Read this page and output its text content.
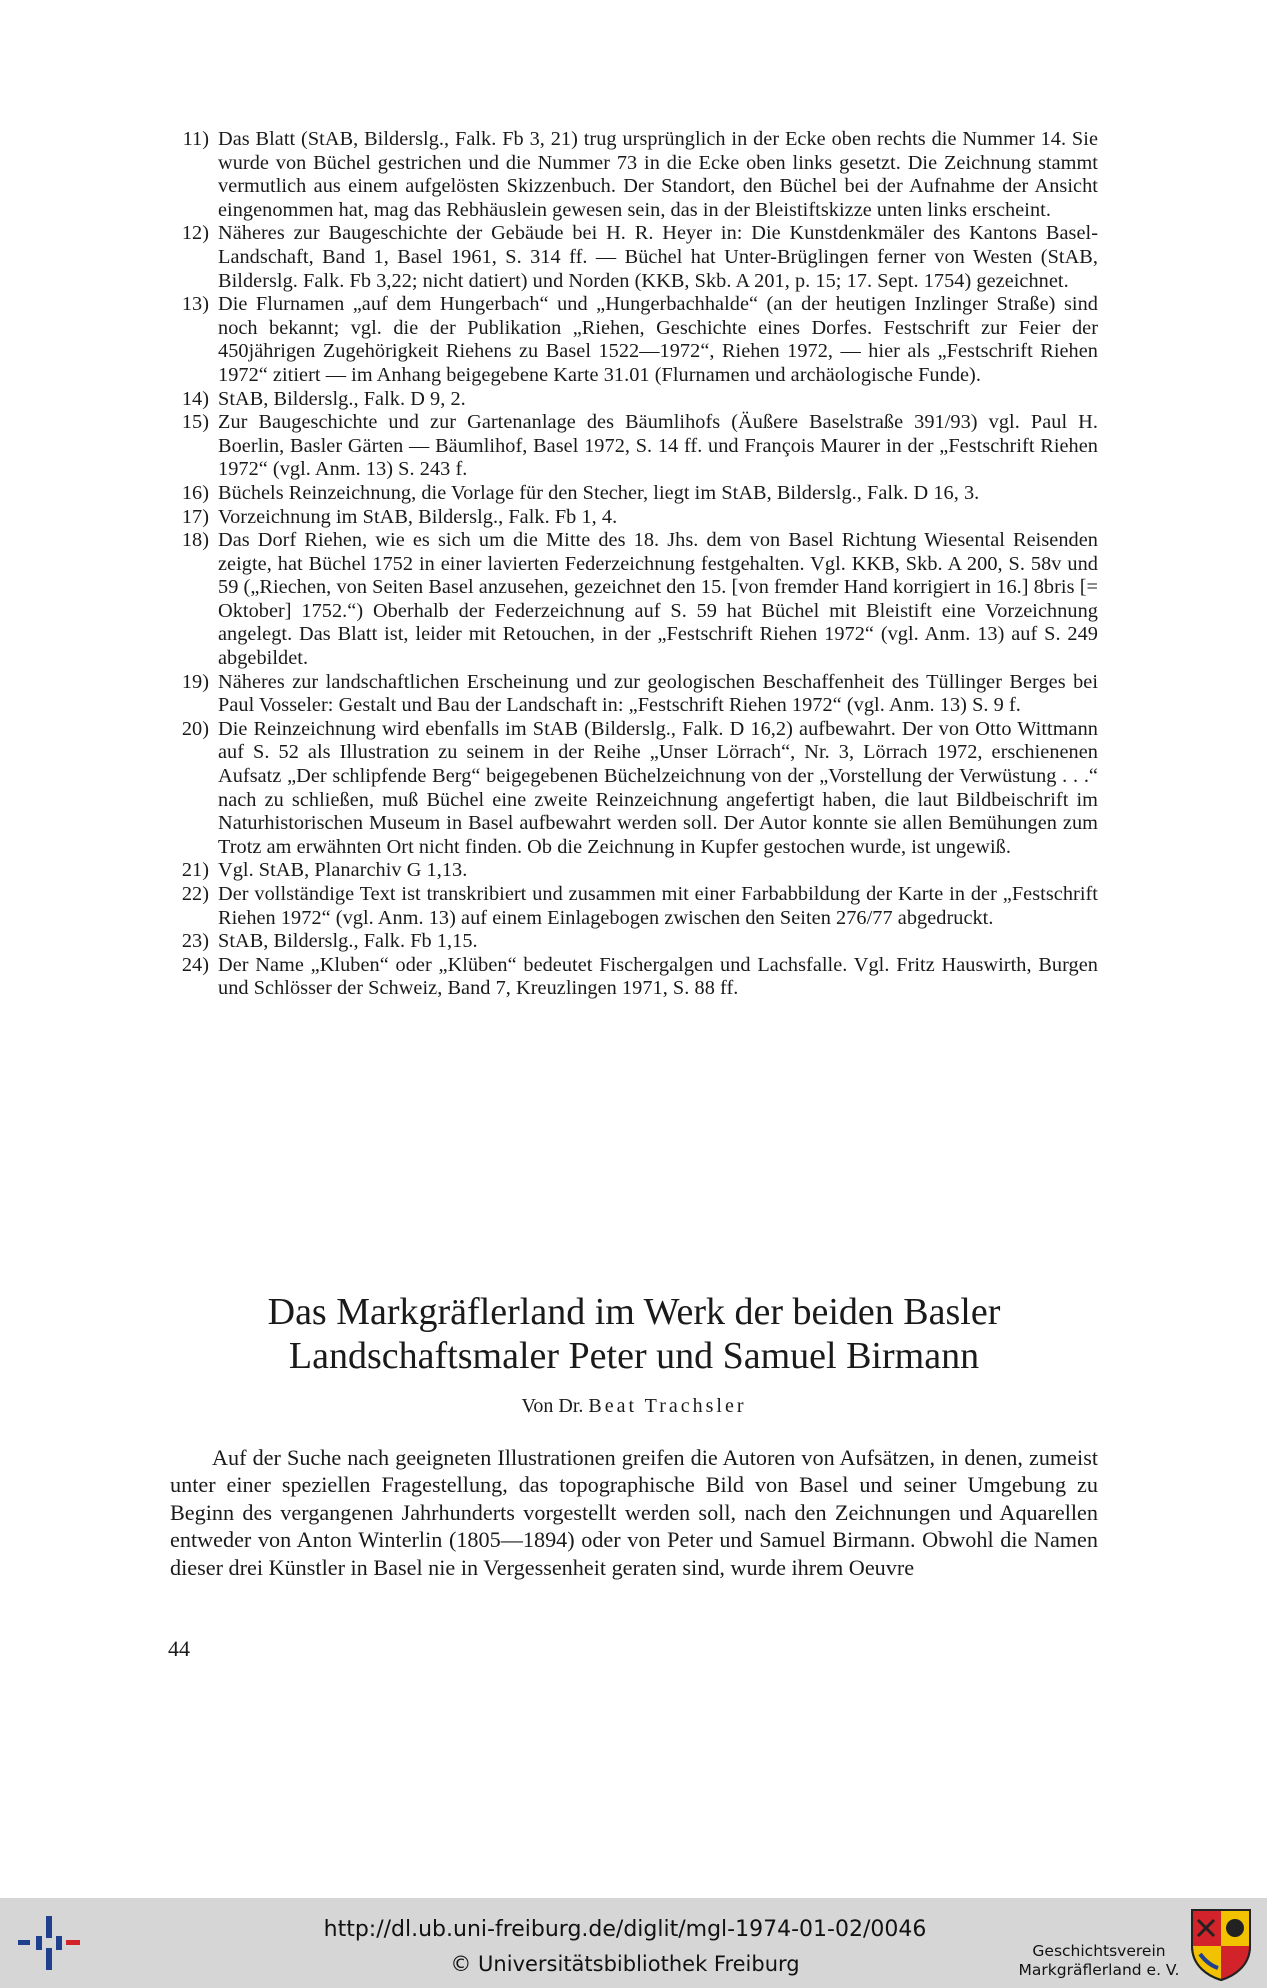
11) Das Blatt (StAB, Bilderslg., Falk. Fb 3, 21) trug ursprünglich in der Ecke oben rechts die Nummer 14. Sie wurde von Büchel gestrichen und die Nummer 73 in die Ecke oben links gesetzt. Die Zeichnung stammt vermutlich aus einem aufgelösten Skizzenbuch. Der Standort, den Büchel bei der Aufnahme der Ansicht eingenommen hat, mag das Rebhäuslein gewesen sein, das in der Bleistiftskizze unten links erscheint.
12) Näheres zur Baugeschichte der Gebäude bei H. R. Heyer in: Die Kunstdenkmäler des Kantons Basel-Landschaft, Band 1, Basel 1961, S. 314 ff. — Büchel hat Unter-Brüglingen ferner von Westen (StAB, Bilderslg. Falk. Fb 3,22; nicht datiert) und Norden (KKB, Skb. A 201, p. 15; 17. Sept. 1754) gezeichnet.
13) Die Flurnamen „auf dem Hungerbach“ und „Hungerbachhalde“ (an der heutigen Inzlinger Straße) sind noch bekannt; vgl. die der Publikation „Riehen, Geschichte eines Dorfes. Festschrift zur Feier der 450jährigen Zugehörigkeit Riehens zu Basel 1522—1972“, Riehen 1972, — hier als „Festschrift Riehen 1972“ zitiert — im Anhang beigegebene Karte 31.01 (Flurnamen und archäologische Funde).
14) StAB, Bilderslg., Falk. D 9, 2.
15) Zur Baugeschichte und zur Gartenanlage des Bäumlihofs (Äußere Baselstraße 391/93) vgl. Paul H. Boerlin, Basler Gärten — Bäumlihof, Basel 1972, S. 14 ff. und François Maurer in der „Festschrift Riehen 1972“ (vgl. Anm. 13) S. 243 f.
16) Büchels Reinzeichnung, die Vorlage für den Stecher, liegt im StAB, Bilderslg., Falk. D 16, 3.
17) Vorzeichnung im StAB, Bilderslg., Falk. Fb 1, 4.
18) Das Dorf Riehen, wie es sich um die Mitte des 18. Jhs. dem von Basel Richtung Wiesental Reisenden zeigte, hat Büchel 1752 in einer lavierten Federzeichnung festgehalten. Vgl. KKB, Skb. A 200, S. 58v und 59 („Riechen, von Seiten Basel anzusehen, gezeichnet den 15. [von fremder Hand korrigiert in 16.] 8bris [= Oktober] 1752.“) Oberhalb der Federzeichnung auf S. 59 hat Büchel mit Bleistift eine Vorzeichnung angelegt. Das Blatt ist, leider mit Retouchen, in der „Festschrift Riehen 1972“ (vgl. Anm. 13) auf S. 249 abgebildet.
19) Näheres zur landschaftlichen Erscheinung und zur geologischen Beschaffenheit des Tüllinger Berges bei Paul Vosseler: Gestalt und Bau der Landschaft in: „Festschrift Riehen 1972“ (vgl. Anm. 13) S. 9 f.
20) Die Reinzeichnung wird ebenfalls im StAB (Bilderslg., Falk. D 16,2) aufbewahrt. Der von Otto Wittmann auf S. 52 als Illustration zu seinem in der Reihe „Unser Lörrach“, Nr. 3, Lörrach 1972, erschienenen Aufsatz „Der schlipfende Berg“ beigegebenen Büchelzeichnung von der „Vorstellung der Verwüstung . . .“ nach zu schließen, muß Büchel eine zweite Reinzeichnung angefertigt haben, die laut Bildbeischrift im Naturhistorischen Museum in Basel aufbewahrt werden soll. Der Autor konnte sie allen Bemühungen zum Trotz am erwähnten Ort nicht finden. Ob die Zeichnung in Kupfer gestochen wurde, ist ungewiß.
21) Vgl. StAB, Planarchiv G 1,13.
22) Der vollständige Text ist transkribiert und zusammen mit einer Farbabbildung der Karte in der „Festschrift Riehen 1972“ (vgl. Anm. 13) auf einem Einlagebogen zwischen den Seiten 276/77 abgedruckt.
23) StAB, Bilderslg., Falk. Fb 1,15.
24) Der Name „Kluben“ oder „Klüben“ bedeutet Fischergalgen und Lachsfalle. Vgl. Fritz Hauswirth, Burgen und Schlösser der Schweiz, Band 7, Kreuzlingen 1971, S. 88 ff.
Das Markgräflerland im Werk der beiden Basler
Landschaftsmaler Peter und Samuel Birmann
Von Dr. Beat Trachsler

Auf der Suche nach geeigneten Illustrationen greifen die Autoren von Aufsätzen, in denen, zumeist unter einer speziellen Fragestellung, das topographische Bild von Basel und seiner Umgebung zu Beginn des vergangenen Jahrhunderts vorgestellt werden soll, nach den Zeichnungen und Aquarellen entweder von Anton Winterlin (1805—1894) oder von Peter und Samuel Birmann. Obwohl die Namen dieser drei Künstler in Basel nie in Vergessenheit geraten sind, wurde ihrem Oeuvre

44
http://dl.ub.uni-freiburg.de/diglit/mgl-1974-01-02/0046
© Universitätsbibliothek Freiburg
Geschichtsverein
Markgräflerland e. V.
